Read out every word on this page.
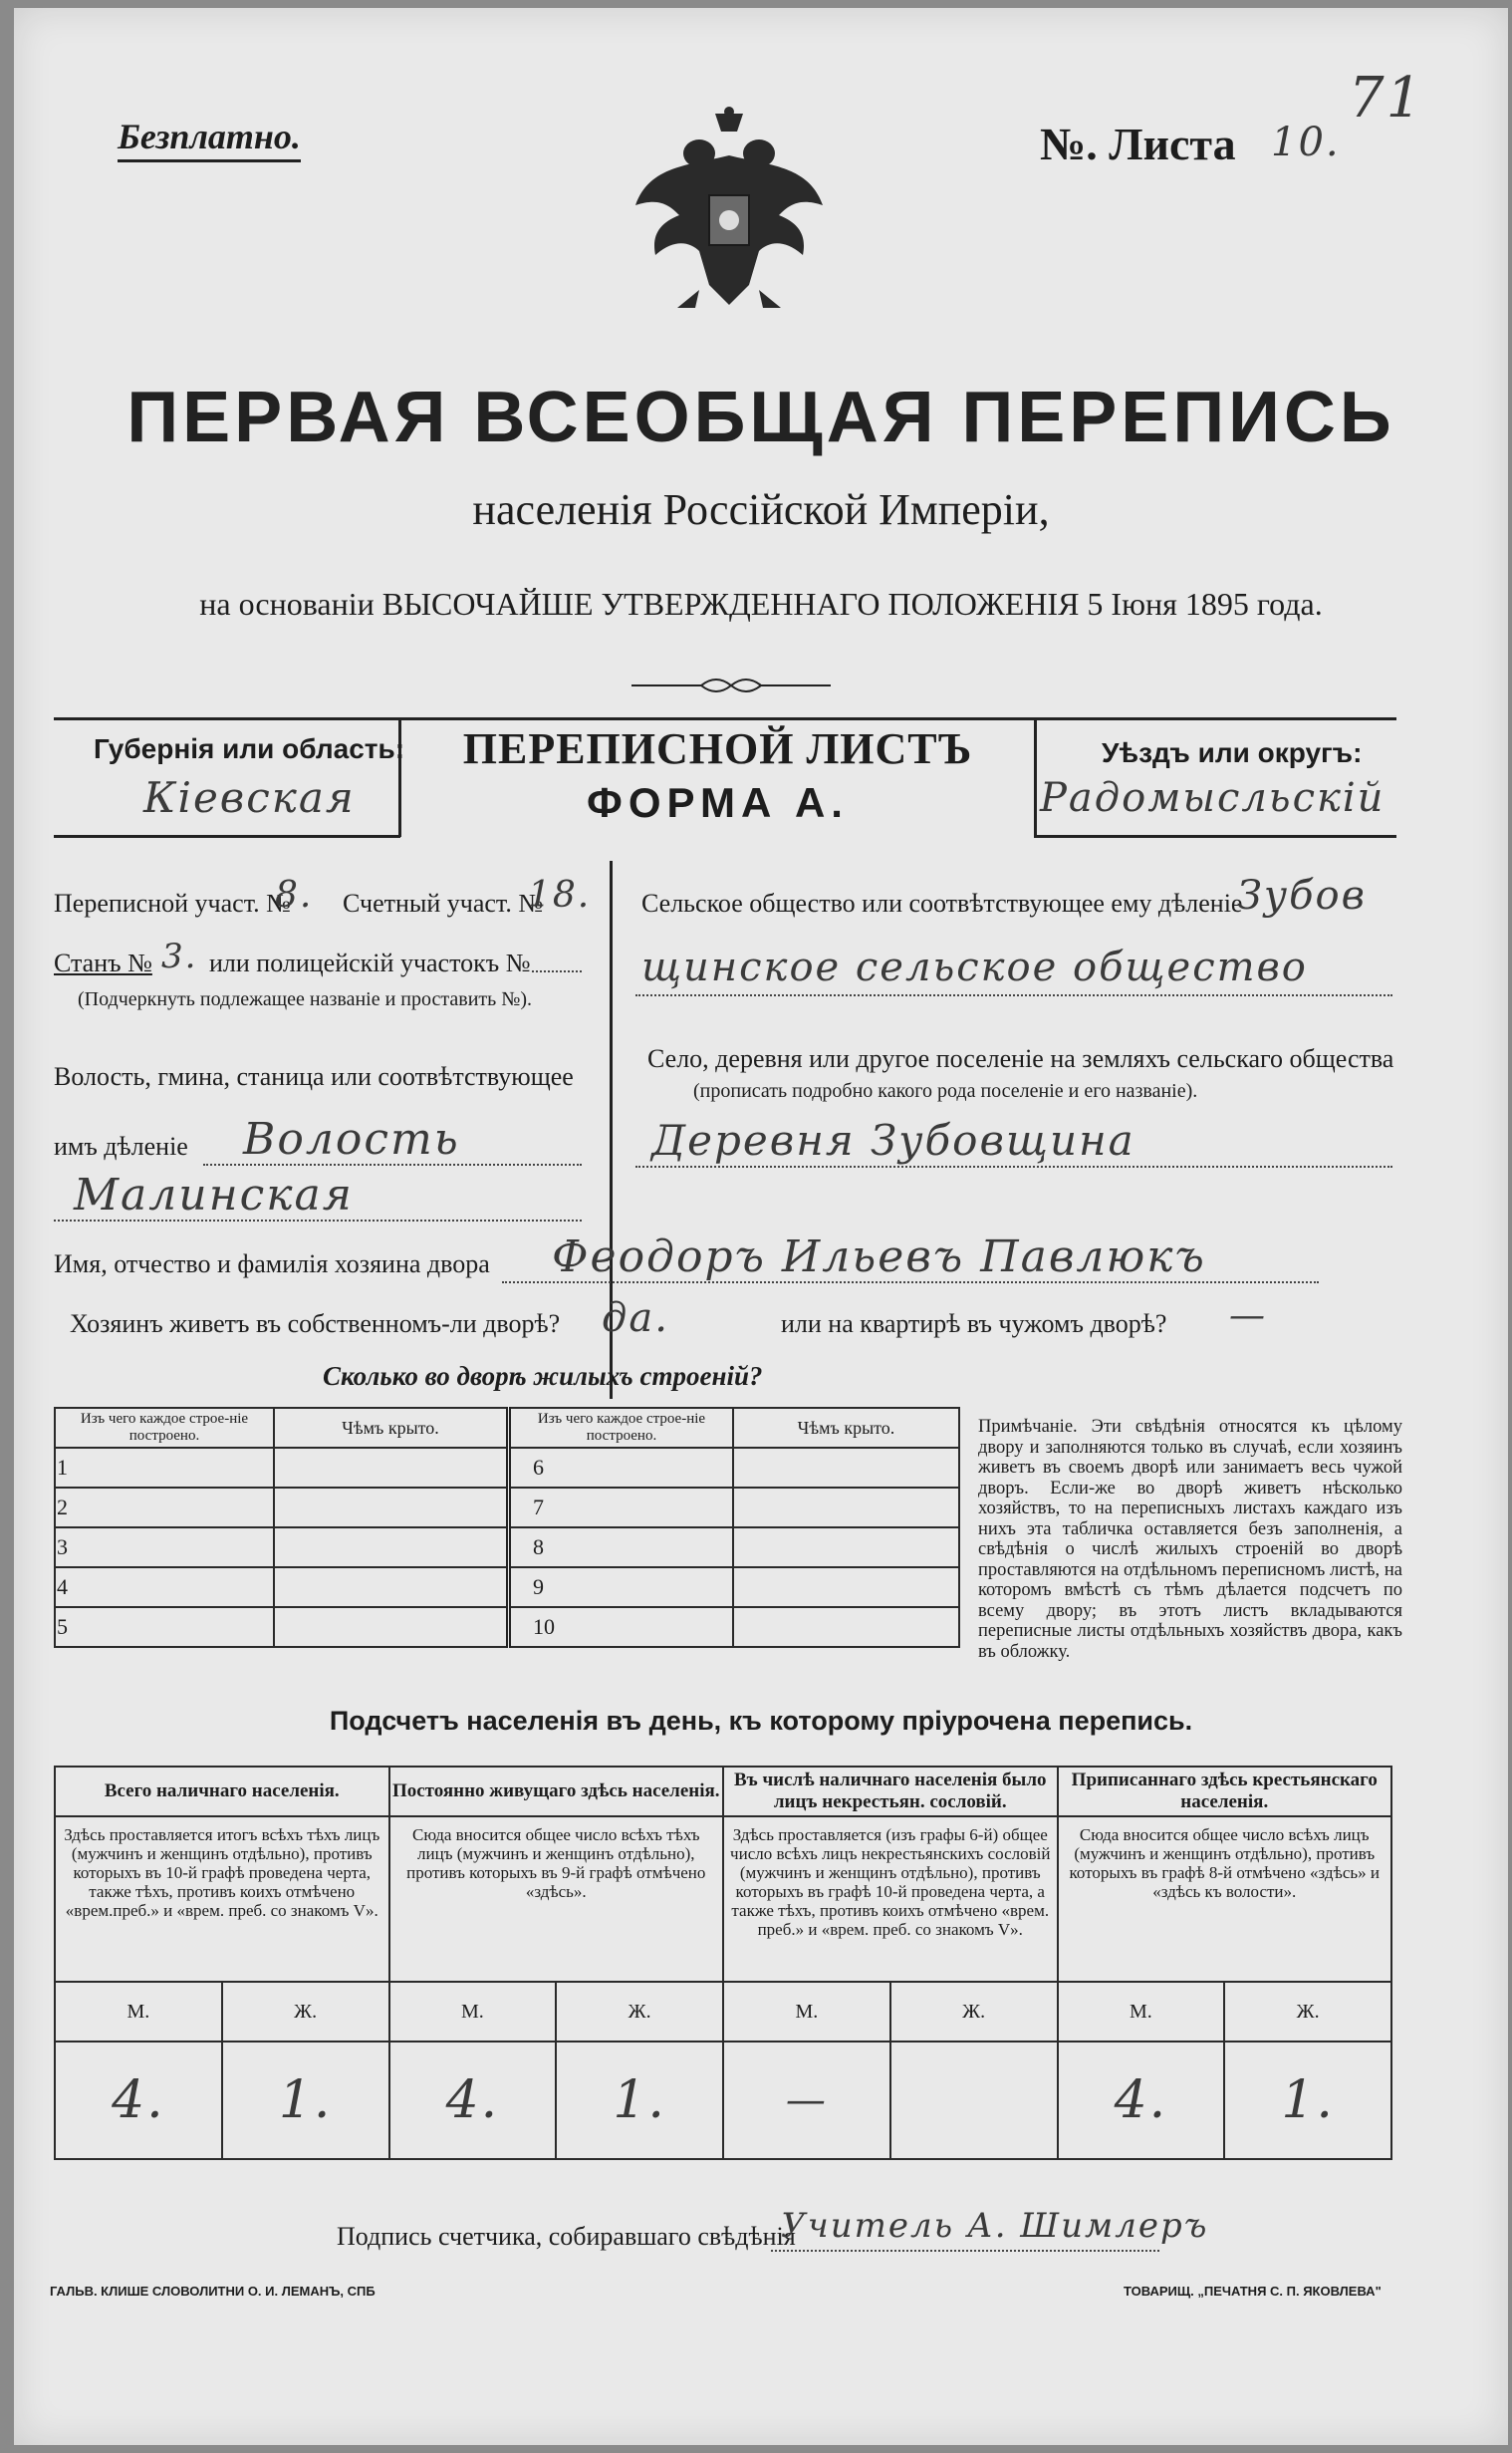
Безплатно.	№. Листа 10.
71
ПЕРВАЯ ВСЕОБЩАЯ ПЕРЕПИСЬ
населенія Россійской Имперіи,
на основаніи ВЫСОЧАЙШЕ УТВЕРЖДЕННАГО ПОЛОЖЕНІЯ 5 Іюня 1895 года.
Губернія или область:
Кіевская
ПЕРЕПИСНОЙ ЛИСТЪ
ФОРМА А.
Уѣздъ или округъ:
Радомысльскій
Переписной участ. №
8. Счетный участ. №
18.
Станъ № 3. или полицейскій участокъ №
(Подчеркнуть подлежащее названіе и проставить №).
Волость, гмина, станица или соотвѣтствующее
имъ дѣленіе Волость
Малинская
Сельское общество или соотвѣтствующее ему дѣленіе
Зубов
щинское сельское общество
Село, деревня или другое поселеніе на земляхъ сельскаго общества
(прописать подробно какого рода поселеніе и его названіе).
Деревня Зубовщина
Имя, отчество и фамилія хозяина двора Феодоръ Ильевъ Павлюкъ
Хозяинъ живетъ въ собственномъ-ли дворѣ? да.	или на квартирѣ въ чужомъ дворѣ? —
Сколько во дворѣ жилыхъ строеній?
Изъ чего каждое строе-ніе построено.	Чѣмъ крыто.
1	
2	
3	
4	
5	
Изъ чего каждое строе-ніе построено.	Чѣмъ крыто.
6	
7	
8	
9	
10	
Примѣчаніе. Эти свѣдѣнія относятся къ цѣлому двору и заполняются только въ случаѣ, если хозяинъ живетъ въ своемъ дворѣ или занимаетъ весь чужой дворъ. Если-же во дворѣ живетъ нѣсколько хозяйствъ, то на переписныхъ листахъ каждаго изъ нихъ эта табличка оставляется безъ заполненія, а свѣдѣнія о числѣ жилыхъ строеній во дворѣ проставляются на отдѣльномъ переписномъ листѣ, на которомъ вмѣстѣ съ тѣмъ дѣлается подсчетъ по всему двору; въ этотъ листъ вкладываются переписные листы отдѣльныхъ хозяйствъ двора, какъ въ обложку.
Подсчетъ населенія въ день, къ которому пріурочена перепись.
Всего наличнаго населенія.		Постоянно живущаго здѣсь населенія.		Въ числѣ наличнаго населенія было лицъ некрестьян. сословій.		Приписаннаго здѣсь крестьянскаго населенія.	
Здѣсь проставляется итогъ всѣхъ тѣхъ лицъ (мужчинъ и женщинъ отдѣльно), противъ которыхъ въ 10-й графѣ проведена черта, также тѣхъ, противъ коихъ отмѣчено «врем.преб.» и «врем. преб. со знакомъ V».		Сюда вносится общее число всѣхъ тѣхъ лицъ (мужчинъ и женщинъ отдѣльно), противъ которыхъ въ 9-й графѣ отмѣчено «здѣсь».		Здѣсь проставляется (изъ графы 6-й) общее число всѣхъ лицъ некрестьянскихъ сословій (мужчинъ и женщинъ отдѣльно), противъ которыхъ въ графѣ 10-й проведена черта, а также тѣхъ, противъ коихъ отмѣчено «врем. преб.» и «врем. преб. со знакомъ V».		Сюда вносится общее число всѣхъ лицъ (мужчинъ и женщинъ отдѣльно), противъ которыхъ въ графѣ 8-й отмѣчено «здѣсь» и «здѣсь къ волости».	
М.	Ж.	М.	Ж.	М.	Ж.	М.	Ж.
4.	1.	4.	1.	—		4.	1.
Подпись счетчика, собиравшаго свѣдѣнія
Учитель А. Шимлеръ
ГАЛЬВ. КЛИШЕ СЛОВОЛИТНИ О. И. ЛЕМАНЪ, СПБ	ТОВАРИЩ. „ПЕЧАТНЯ С. П. ЯКОВЛЕВА"
